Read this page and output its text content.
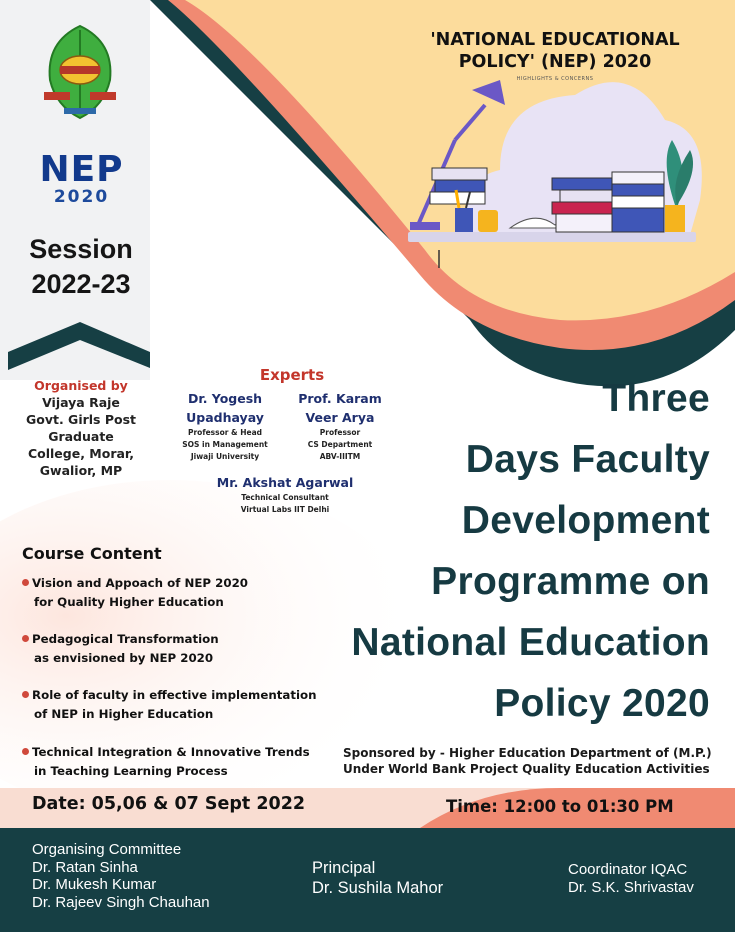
NEP
2020
Session
2022-23
Organised by
Vijaya Raje
Govt. Girls Post
Graduate
College, Morar,
Gwalior, MP
'NATIONAL EDUCATIONAL
POLICY' (NEP) 2020
HIGHLIGHTS & CONCERNS
Experts
Dr. Yogesh
Upadhayay
Professor & Head
SOS in Management
Jiwaji University
Prof. Karam
Veer Arya
Professor
CS Department
ABV-IIITM
Mr. Akshat Agarwal
Technical Consultant
Virtual Labs IIT Delhi
Three
Days Faculty
Development
Programme on
National Education
Policy 2020
Course Content
Vision and Appoach of NEP 2020
for Quality Higher Education
Pedagogical Transformation
as envisioned by NEP 2020
Role of faculty in effective implementation
of NEP in Higher Education
Technical Integration & Innovative Trends
in Teaching Learning Process
Sponsored by - Higher Education Department of (M.P.)
Under World Bank Project Quality Education Activities
Date: 05,06 & 07 Sept 2022	Time: 12:00 to 01:30 PM
Organising Committee
Dr. Ratan Sinha
Dr. Mukesh Kumar
Dr. Rajeev Singh Chauhan
Principal
Dr. Sushila Mahor
Coordinator IQAC
Dr. S.K. Shrivastav
